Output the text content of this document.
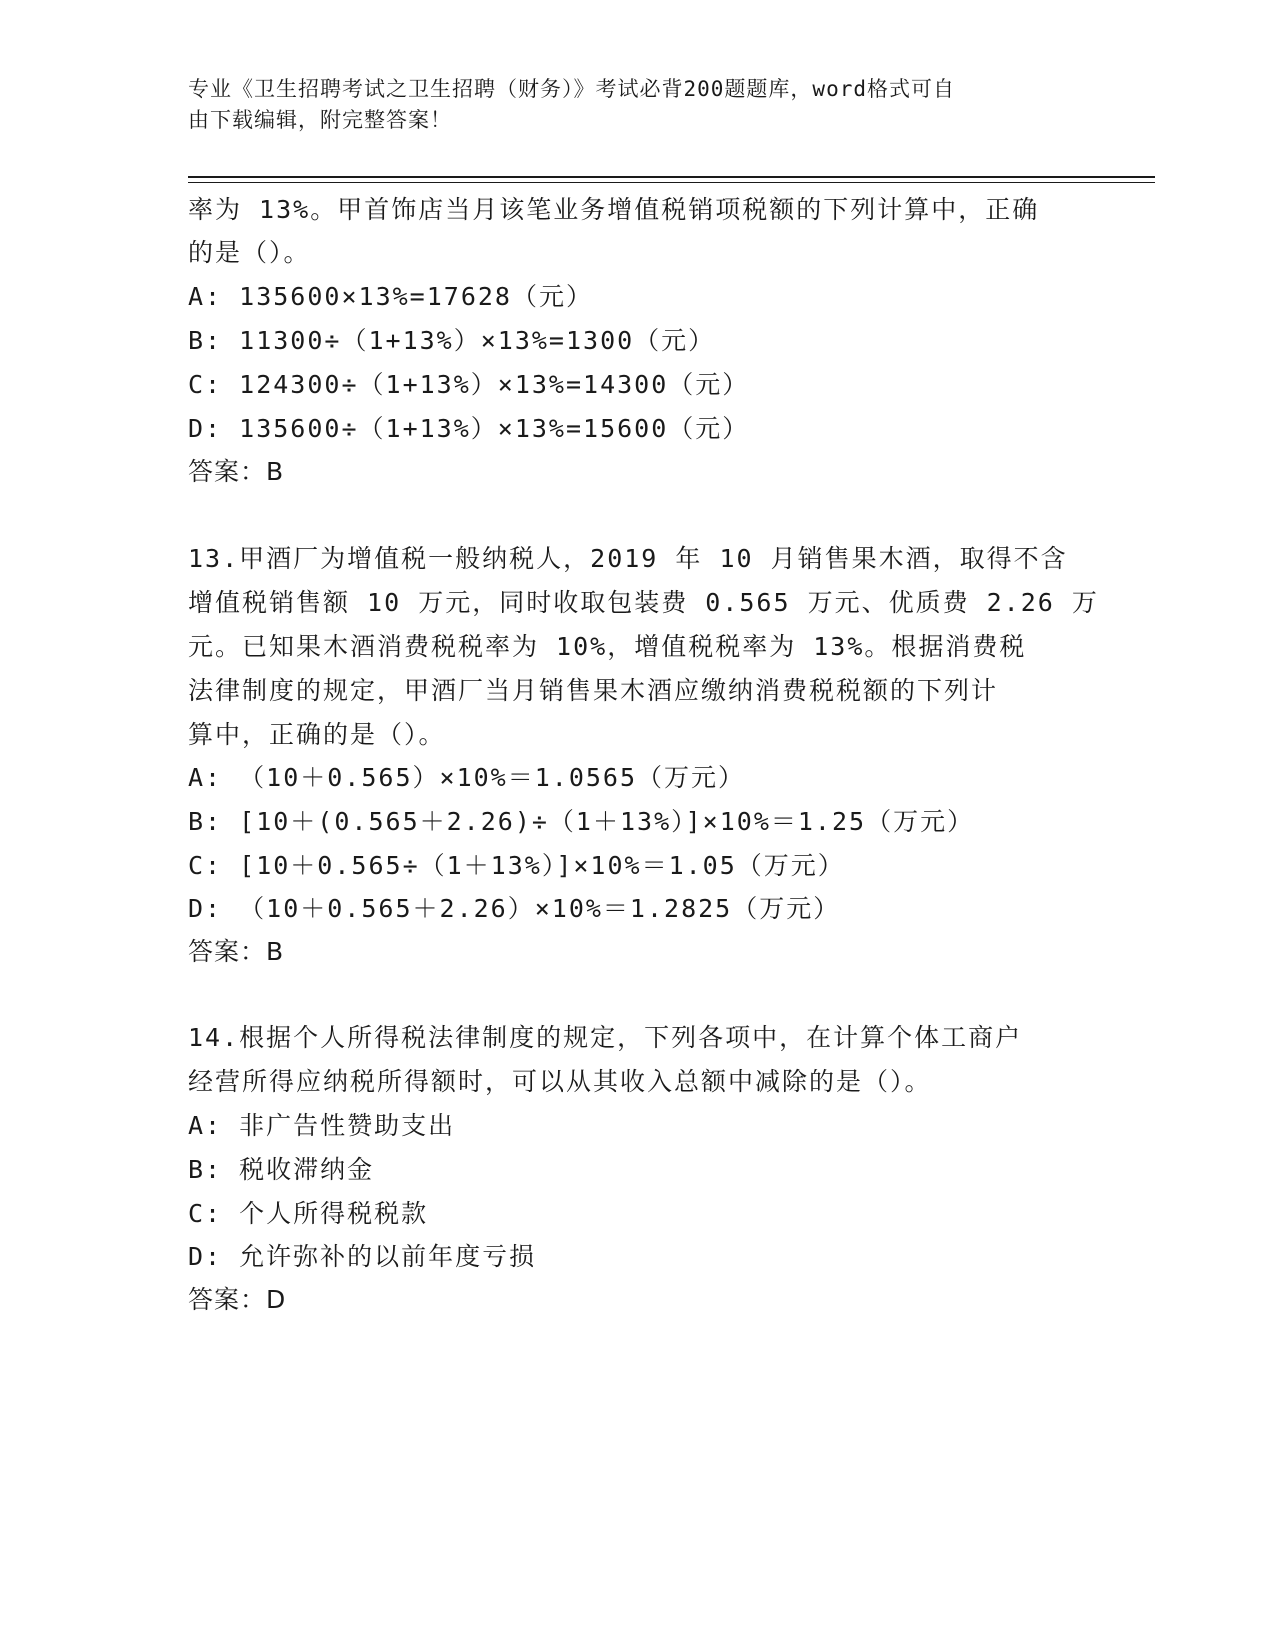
专业《卫生招聘考试之卫生招聘（财务）》考试必背200题题库，word格式可自
由下载编辑，附完整答案！
率为 13%。甲首饰店当月该笔业务增值税销项税额的下列计算中，正确
的是（）。
A: 135600×13%=17628（元）
B: 11300÷（1+13%）×13%=1300（元）
C: 124300÷（1+13%）×13%=14300（元）
D: 135600÷（1+13%）×13%=15600（元）
答案：B
13.甲酒厂为增值税一般纳税人，2019 年 10 月销售果木酒，取得不含
增值税销售额 10 万元，同时收取包装费 0.565 万元、优质费 2.26 万
元。已知果木酒消费税税率为 10%，增值税税率为 13%。根据消费税
法律制度的规定，甲酒厂当月销售果木酒应缴纳消费税税额的下列计
算中，正确的是（）。
A: （10＋0.565）×10%＝1.0565（万元）
B: [10＋(0.565＋2.26)÷（1＋13%）]×10%＝1.25（万元）
C: [10＋0.565÷（1＋13%）]×10%＝1.05（万元）
D: （10＋0.565＋2.26）×10%＝1.2825（万元）
答案：B
14.根据个人所得税法律制度的规定，下列各项中，在计算个体工商户
经营所得应纳税所得额时，可以从其收入总额中减除的是（）。
A: 非广告性赞助支出
B: 税收滞纳金
C: 个人所得税税款
D: 允许弥补的以前年度亏损
答案：D
